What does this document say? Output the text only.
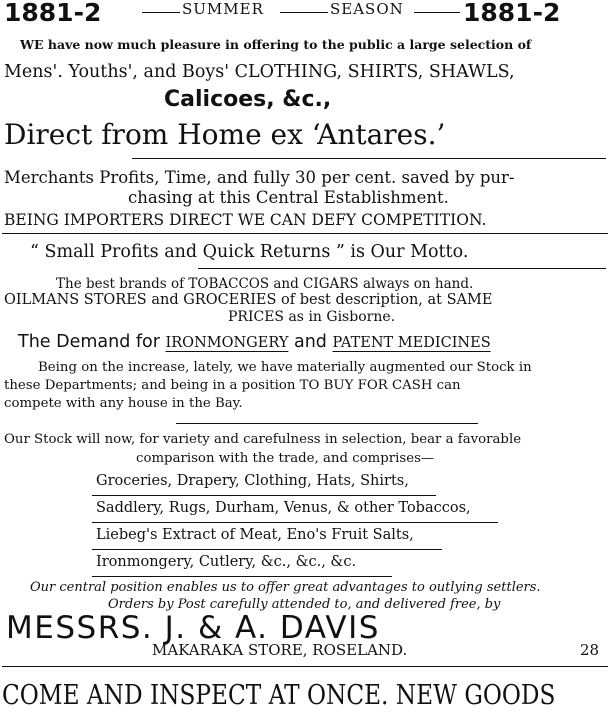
1881-2	SUMMER	SEASON 1881-2
WE have now much pleasure in offering to the public a large selection of
Mens'. Youths', and Boys' CLOTHING, SHIRTS, SHAWLS,
Calicoes, &c.,
Direct from Home ex ‘Antares.’
Merchants Profits, Time, and fully 30 per cent. saved by pur-
chasing at this Central Establishment.
BEING IMPORTERS DIRECT WE CAN DEFY COMPETITION.
“ Small Profits and Quick Returns ” is Our Motto.
The best brands of TOBACCOS and CIGARS always on hand.
OILMANS STORES and GROCERIES of best description, at SAME
PRICES as in Gisborne.
The Demand for IRONMONGERY and PATENT MEDICINES
Being on the increase, lately, we have materially augmented our Stock in
these Departments; and being in a position TO BUY FOR CASH can
compete with any house in the Bay.
Our Stock will now, for variety and carefulness in selection, bear a favorable
comparison with the trade, and comprises—
Groceries, Drapery, Clothing, Hats, Shirts,
Saddlery, Rugs, Durham, Venus, & other Tobaccos,
Liebeg's Extract of Meat, Eno's Fruit Salts,
Ironmongery, Cutlery, &c., &c., &c.
Our central position enables us to offer great advantages to outlying settlers.
Orders by Post carefully attended to, and delivered free, by
MESSRS. J. & A. DAVIS
MAKARAKA STORE, ROSELAND.	28
COME AND INSPECT AT ONCE. NEW GOODS
